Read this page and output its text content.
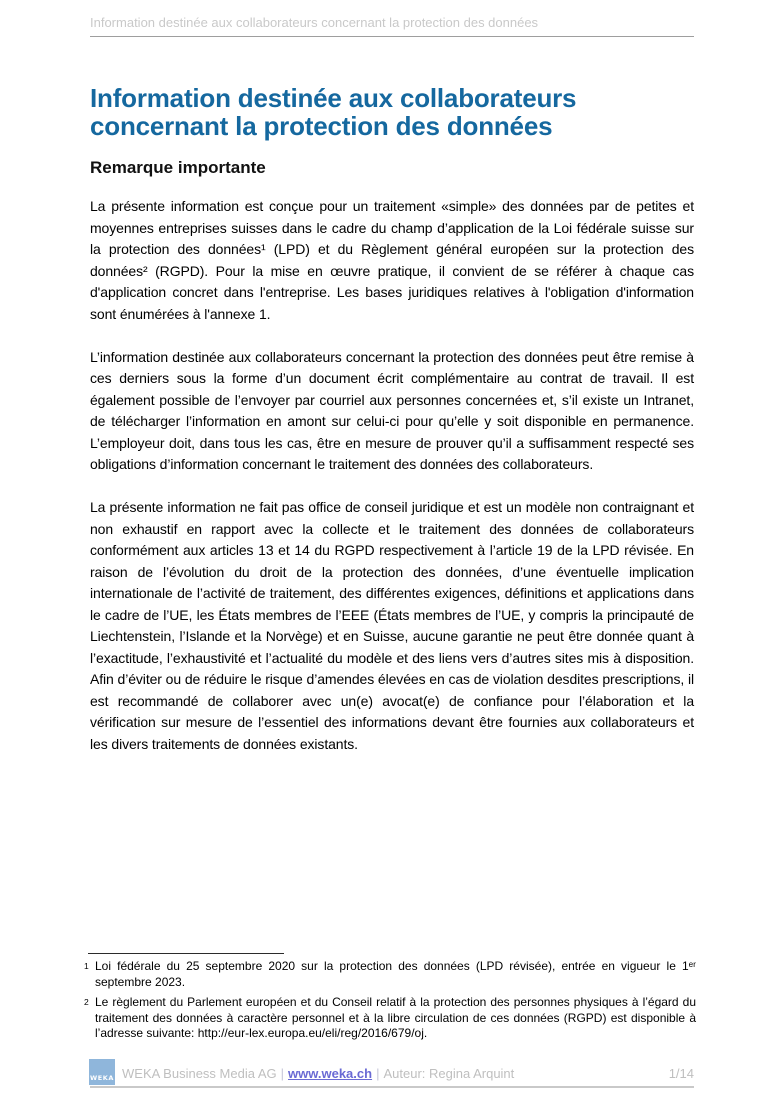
Information destinée aux collaborateurs concernant la protection des données
Information destinée aux collaborateurs concernant la protection des données
Remarque importante

La présente information est conçue pour un traitement «simple» des données par de petites et moyennes entreprises suisses dans le cadre du champ d’application de la Loi fédérale suisse sur la protection des données¹ (LPD) et du Règlement général européen sur la protection des données² (RGPD). Pour la mise en œuvre pratique, il convient de se référer à chaque cas d'application concret dans l'entreprise. Les bases juridiques relatives à l'obligation d'information sont énumérées à l'annexe 1.

L’information destinée aux collaborateurs concernant la protection des données peut être remise à ces derniers sous la forme d’un document écrit complémentaire au contrat de travail. Il est également possible de l’envoyer par courriel aux personnes concernées et, s’il existe un Intranet, de télécharger l’information en amont sur celui-ci pour qu’elle y soit disponible en permanence. L’employeur doit, dans tous les cas, être en mesure de prouver qu’il a suffisamment respecté ses obligations d’information concernant le traitement des données des collaborateurs.

La présente information ne fait pas office de conseil juridique et est un modèle non contraignant et non exhaustif en rapport avec la collecte et le traitement des données de collaborateurs conformément aux articles 13 et 14 du RGPD respectivement à l’article 19 de la LPD révisée. En raison de l’évolution du droit de la protection des données, d’une éventuelle implication internationale de l’activité de traitement, des différentes exigences, définitions et applications dans le cadre de l’UE, les États membres de l’EEE (États membres de l’UE, y compris la principauté de Liechtenstein, l’Islande et la Norvège) et en Suisse, aucune garantie ne peut être donnée quant à l’exactitude, l’exhaustivité et l’actualité du modèle et des liens vers d’autres sites mis à disposition. Afin d’éviter ou de réduire le risque d’amendes élevées en cas de violation desdites prescriptions, il est recommandé de collaborer avec un(e) avocat(e) de confiance pour l’élaboration et la vérification sur mesure de l’essentiel des informations devant être fournies aux collaborateurs et les divers traitements de données existants.

1 Loi fédérale du 25 septembre 2020 sur la protection des données (LPD révisée), entrée en vigueur le 1ᵉʳ septembre 2023.
2 Le règlement du Parlement européen et du Conseil relatif à la protection des personnes physiques à l’égard du traitement des données à caractère personnel et à la libre circulation de ces données (RGPD) est disponible à l’adresse suivante: http://eur-lex.europa.eu/eli/reg/2016/679/oj.
WEKA WEKA Business Media AG | www.weka.ch | Auteur: Regina Arquint	1/14
